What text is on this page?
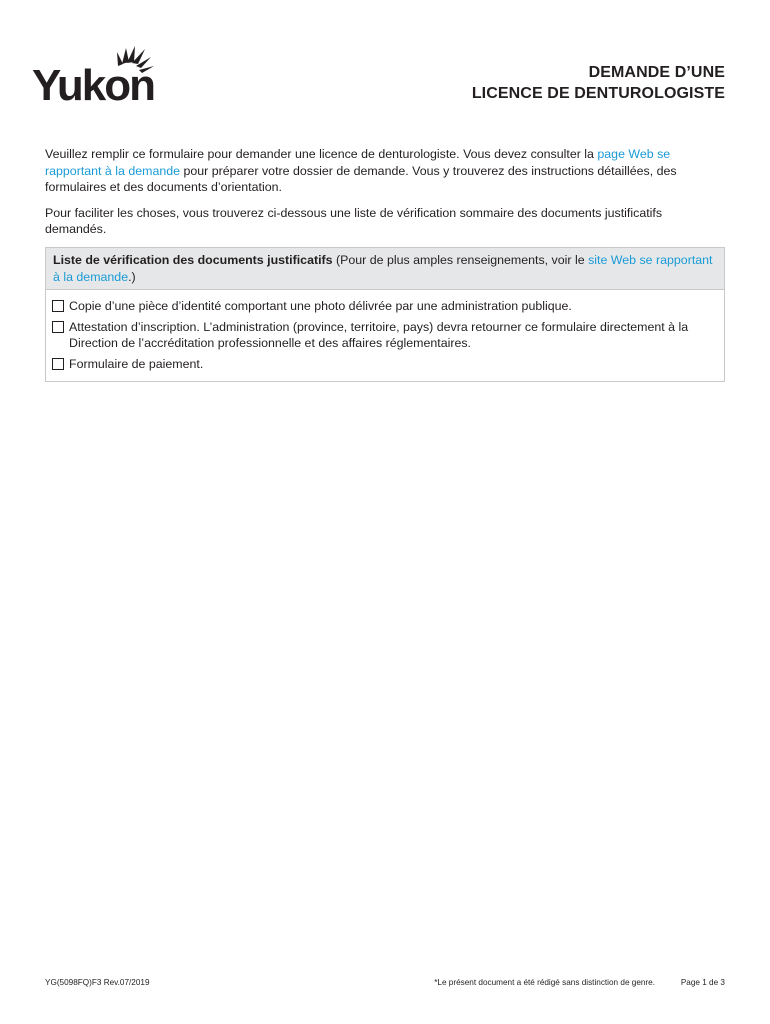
Yukon	DEMANDE D’UNE
LICENCE DE DENTUROLOGISTE

Veuillez remplir ce formulaire pour demander une licence de denturologiste. Vous devez consulter la page Web se rapportant à la demande pour préparer votre dossier de demande. Vous y trouverez des instructions détaillées, des formulaires et des documents d’orientation.

Pour faciliter les choses, vous trouverez ci-dessous une liste de vérification sommaire des documents justificatifs demandés.

Liste de vérification des documents justificatifs (Pour de plus amples renseignements, voir le site Web se rapportant à la demande.)
Copie d’une pièce d’identité comportant une photo délivrée par une administration publique.
Attestation d’inscription. L’administration (province, territoire, pays) devra retourner ce formulaire directement à la Direction de l’accréditation professionnelle et des affaires réglementaires.
Formulaire de paiement.
YG(5098FQ)F3 Rev.07/2019	*Le présent document a été rédigé sans distinction de genre.	Page 1 de 3
